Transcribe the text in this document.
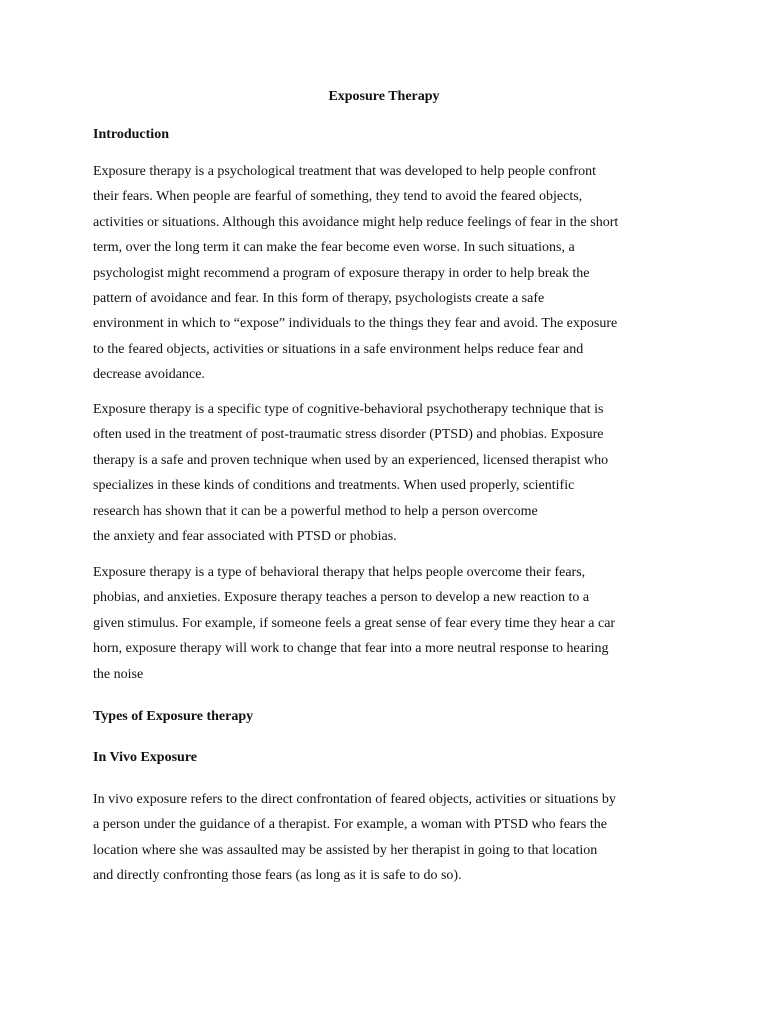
Exposure Therapy
Introduction

Exposure therapy is a psychological treatment that was developed to help people confront
their fears. When people are fearful of something, they tend to avoid the feared objects,
activities or situations. Although this avoidance might help reduce feelings of fear in the short
term, over the long term it can make the fear become even worse. In such situations, a
psychologist might recommend a program of exposure therapy in order to help break the
pattern of avoidance and fear. In this form of therapy, psychologists create a safe
environment in which to “expose” individuals to the things they fear and avoid. The exposure
to the feared objects, activities or situations in a safe environment helps reduce fear and
decrease avoidance.

Exposure therapy is a specific type of cognitive-behavioral psychotherapy technique that is
often used in the treatment of post-traumatic stress disorder (PTSD) and phobias. Exposure
therapy is a safe and proven technique when used by an experienced, licensed therapist who
specializes in these kinds of conditions and treatments. When used properly, scientific
research has shown that it can be a powerful method to help a person overcome
the anxiety and fear associated with PTSD or phobias.

Exposure therapy is a type of behavioral therapy that helps people overcome their fears,
phobias, and anxieties. Exposure therapy teaches a person to develop a new reaction to a
given stimulus. For example, if someone feels a great sense of fear every time they hear a car
horn, exposure therapy will work to change that fear into a more neutral response to hearing
the noise

Types of Exposure therapy
In Vivo Exposure

In vivo exposure refers to the direct confrontation of feared objects, activities or situations by
a person under the guidance of a therapist. For example, a woman with PTSD who fears the
location where she was assaulted may be assisted by her therapist in going to that location
and directly confronting those fears (as long as it is safe to do so).
